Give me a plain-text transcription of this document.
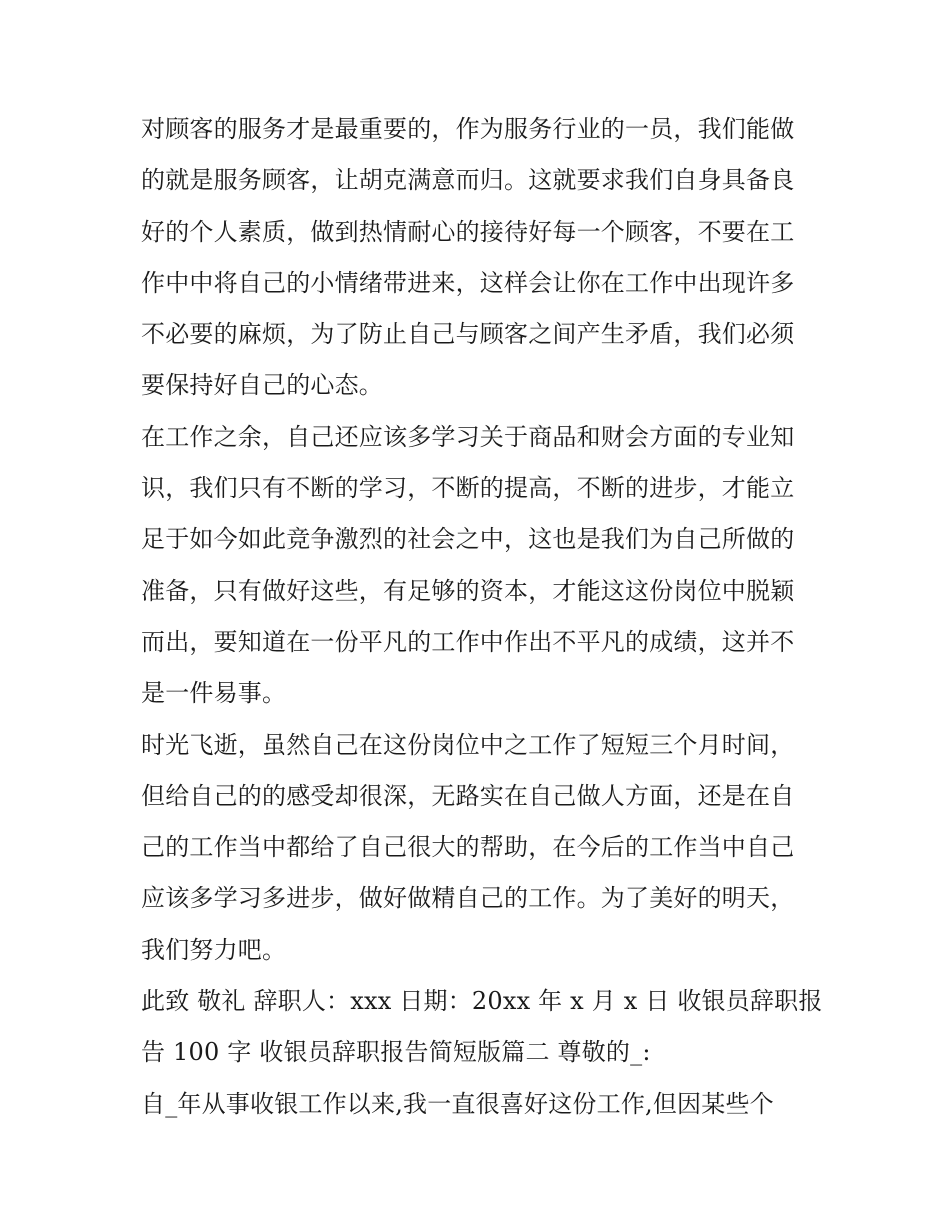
对顾客的服务才是最重要的，作为服务行业的一员，我们能做
的就是服务顾客，让胡克满意而归。这就要求我们自身具备良
好的个人素质，做到热情耐心的接待好每一个顾客，不要在工
作中中将自己的小情绪带进来，这样会让你在工作中出现许多
不必要的麻烦，为了防止自己与顾客之间产生矛盾，我们必须
要保持好自己的心态。
在工作之余，自己还应该多学习关于商品和财会方面的专业知
识，我们只有不断的学习，不断的提高，不断的进步，才能立
足于如今如此竞争激烈的社会之中，这也是我们为自己所做的
准备，只有做好这些，有足够的资本，才能这这份岗位中脱颖
而出，要知道在一份平凡的工作中作出不平凡的成绩，这并不
是一件易事。
时光飞逝，虽然自己在这份岗位中之工作了短短三个月时间，
但给自己的的感受却很深，无路实在自己做人方面，还是在自
己的工作当中都给了自己很大的帮助，在今后的工作当中自己
应该多学习多进步，做好做精自己的工作。为了美好的明天，
我们努力吧。
此致 敬礼 辞职人：xxx 日期：20xx 年 x 月 x 日 收银员辞职报
告 100 字 收银员辞职报告简短版篇二 尊敬的_:
自_年从事收银工作以来,我一直很喜好这份工作,但因某些个
